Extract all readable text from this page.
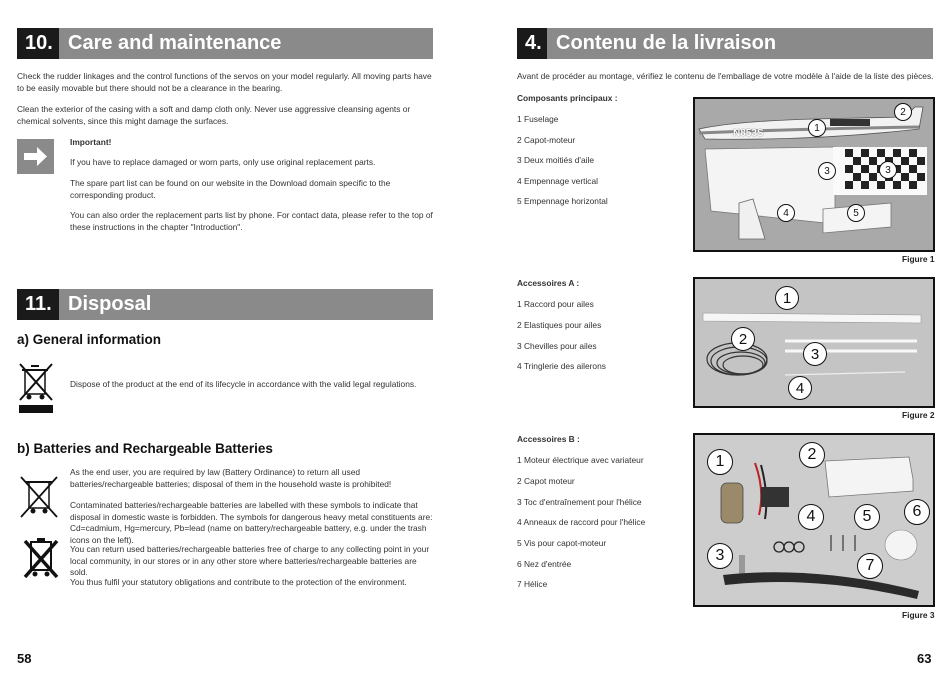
10. Care and maintenance
Check the rudder linkages and the control functions of the servos on your model regularly. All moving parts have to be easily movable but there should not be a clearance in the bearing.
Clean the exterior of the casing with a soft and damp cloth only. Never use aggressive cleansing agents or chemical solvents, since this might damage the surfaces.
Important!
If you have to replace damaged or worn parts, only use original replacement parts.
The spare part list can be found on our website in the Download domain specific to the corresponding product.
You can also order the replacement parts list by phone. For contact data, please refer to the top of these instructions in the chapter "Introduction".
11. Disposal
a) General information
Dispose of the product at the end of its lifecycle in accordance with the valid legal regulations.
b) Batteries and Rechargeable Batteries
As the end user, you are required by law (Battery Ordinance) to return all used batteries/rechargeable batteries; disposal of them in the household waste is prohibited!
Contaminated batteries/rechargeable batteries are labelled with these symbols to indicate that disposal in domestic waste is forbidden. The symbols for dangerous heavy metal constituents are: Cd=cadmium, Hg=mercury, Pb=lead (name on battery/rechargeable battery, e.g. under the trash icons on the left).
You can return used batteries/rechargeable batteries free of charge to any collecting point in your local community, in our stores or in any other store where batteries/rechargeable batteries are sold.
You thus fulfil your statutory obligations and contribute to the protection of the environment.
58
4. Contenu de la livraison
Avant de procéder au montage, vérifiez le contenu de l'emballage de votre modèle à l'aide de la liste des pièces.
Composants principaux :
1 Fuselage
2 Capot-moteur
3 Deux moitiés d'aile
4 Empennage vertical
5 Empennage horizontal
N853S	1
2
3	3
4	5
Figure 1
Accessoires A :
1 Raccord pour ailes
2 Elastiques pour ailes
3 Chevilles pour ailes
4 Tringlerie des ailerons
1
2
3
4
Figure 2
Accessoires B :
1 Moteur électrique avec variateur
2 Capot moteur
3 Toc d'entraînement pour l'hélice
4 Anneaux de raccord pour l'hélice
5 Vis pour capot-moteur
6 Nez d'entrée
7 Hélice
1	2
3
4	5	6
7
Figure 3
63
